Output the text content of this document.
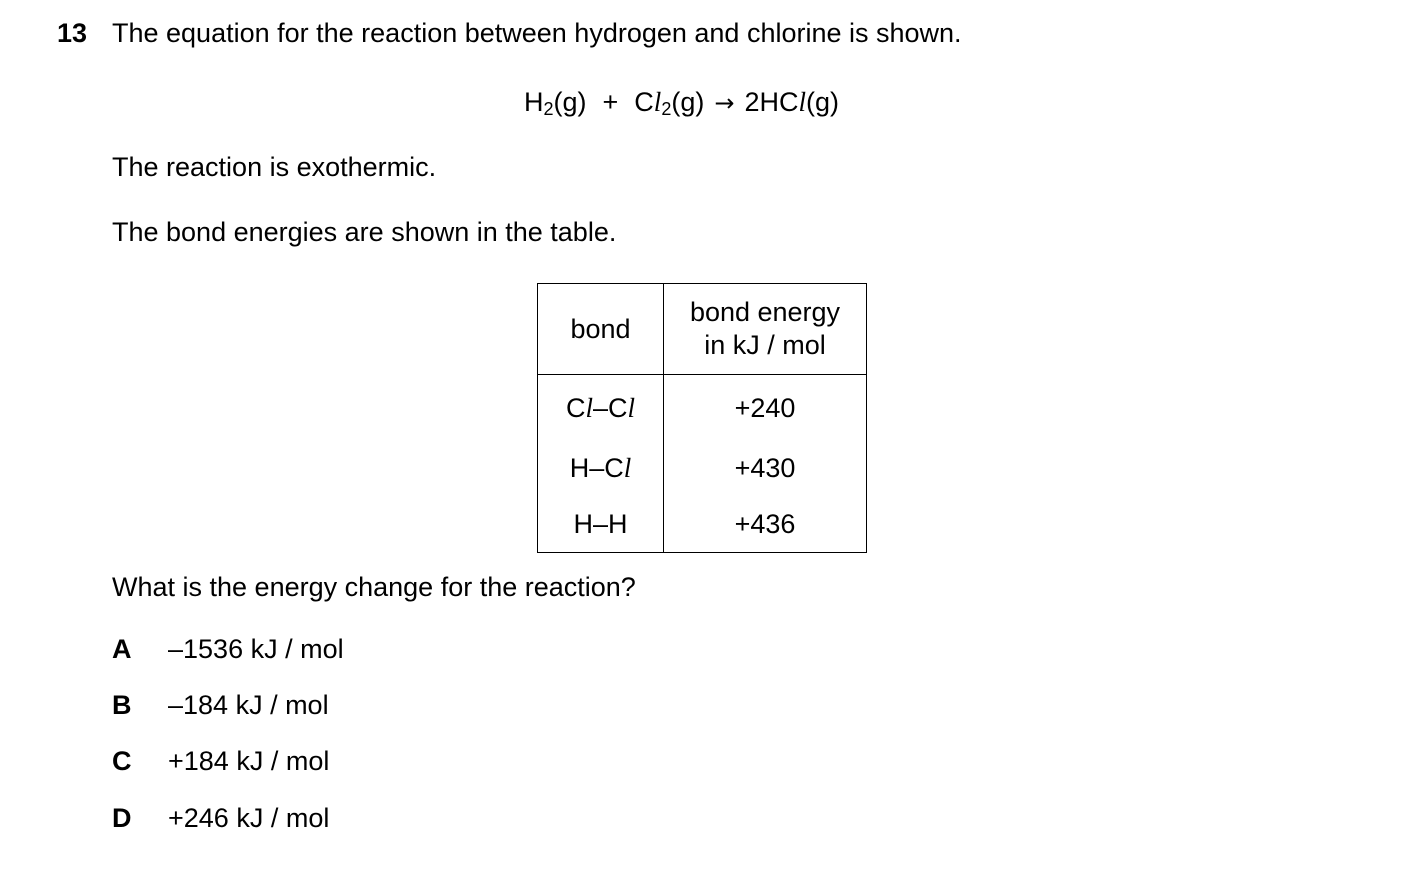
13 The equation for the reaction between hydrogen and chlorine is shown.
$H_2(g) + Cl_2(g) \to 2HCl(g)$
The reaction is exothermic.
The bond energies are shown in the table.
bond	bond energy
in kJ / mol
Cl–Cl	+240
H–Cl	+430
H–H	+436
What is the energy change for the reaction?
A –1536 kJ / mol
B –184 kJ / mol
C +184 kJ / mol
D +246 kJ / mol
